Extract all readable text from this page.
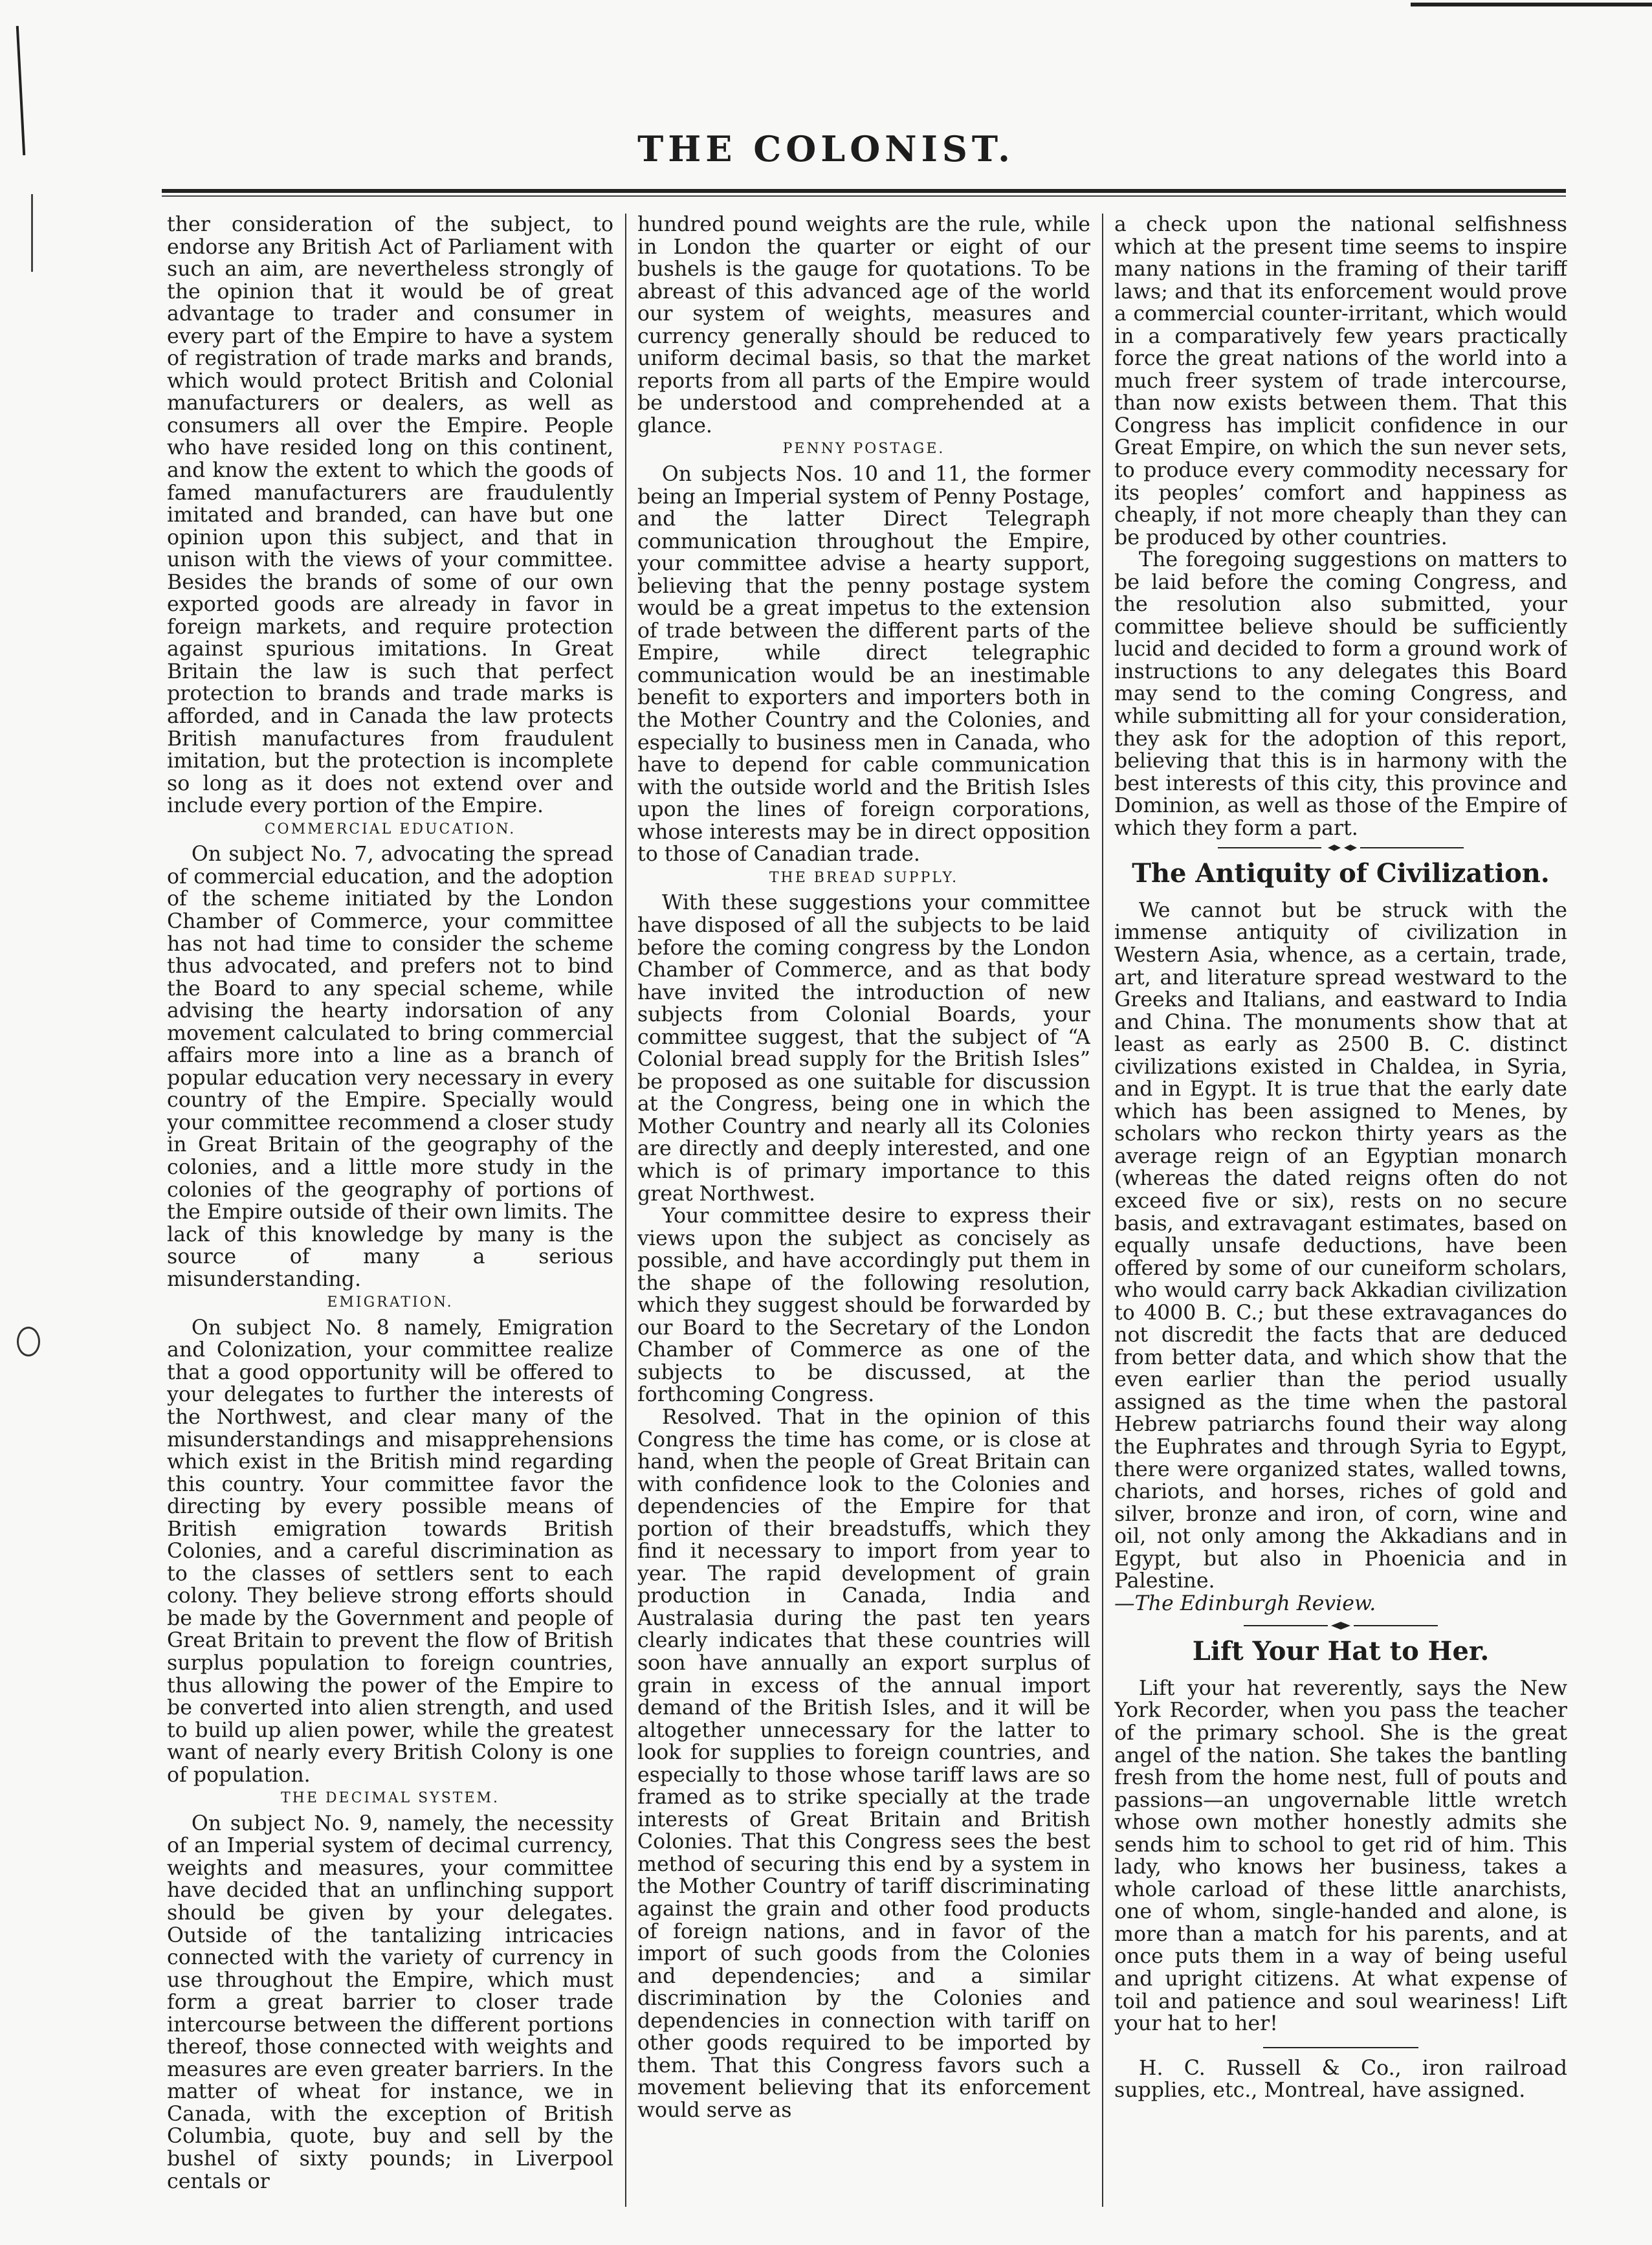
THE COLONIST.

ther consideration of the subject, to endorse any British Act of Parliament with such an aim, are nevertheless strongly of the opinion that it would be of great advantage to trader and consumer in every part of the Empire to have a system of registration of trade marks and brands, which would protect British and Colonial manufacturers or dealers, as well as consumers all over the Empire. People who have resided long on this continent, and know the extent to which the goods of famed manufacturers are fraudulently imitated and branded, can have but one opinion upon this subject, and that in unison with the views of your committee. Besides the brands of some of our own exported goods are already in favor in foreign markets, and require protection against spurious imitations. In Great Britain the law is such that perfect protection to brands and trade marks is afforded, and in Canada the law protects British manufactures from fraudulent imitation, but the protection is incomplete so long as it does not extend over and include every portion of the Empire.

COMMERCIAL EDUCATION.

On subject No. 7, advocating the spread of commercial education, and the adoption of the scheme initiated by the London Chamber of Commerce, your committee has not had time to consider the scheme thus advocated, and prefers not to bind the Board to any special scheme, while advising the hearty indorsation of any movement calculated to bring commercial affairs more into a line as a branch of popular education very necessary in every country of the Empire. Specially would your committee recommend a closer study in Great Britain of the geography of the colonies, and a little more study in the colonies of the geography of portions of the Empire outside of their own limits. The lack of this knowledge by many is the source of many a serious misunderstanding.

EMIGRATION.

On subject No. 8 namely, Emigration and Colonization, your committee realize that a good opportunity will be offered to your delegates to further the interests of the Northwest, and clear many of the misunderstandings and misapprehensions which exist in the British mind regarding this country. Your committee favor the directing by every possible means of British emigration towards British Colonies, and a careful discrimination as to the classes of settlers sent to each colony. They believe strong efforts should be made by the Government and people of Great Britain to prevent the flow of British surplus population to foreign countries, thus allowing the power of the Empire to be converted into alien strength, and used to build up alien power, while the greatest want of nearly every British Colony is one of population.

THE DECIMAL SYSTEM.

On subject No. 9, namely, the necessity of an Imperial system of decimal currency, weights and measures, your committee have decided that an unflinching support should be given by your delegates. Outside of the tantalizing intricacies connected with the variety of currency in use throughout the Empire, which must form a great barrier to closer trade intercourse between the different portions thereof, those connected with weights and measures are even greater barriers. In the matter of wheat for instance, we in Canada, with the exception of British Columbia, quote, buy and sell by the bushel of sixty pounds; in Liverpool centals or

hundred pound weights are the rule, while in London the quarter or eight of our bushels is the gauge for quotations. To be abreast of this advanced age of the world our system of weights, measures and currency generally should be reduced to uniform decimal basis, so that the market reports from all parts of the Empire would be understood and comprehended at a glance.

PENNY POSTAGE.

On subjects Nos. 10 and 11, the former being an Imperial system of Penny Postage, and the latter Direct Telegraph communication throughout the Empire, your committee advise a hearty support, believing that the penny postage system would be a great impetus to the extension of trade between the different parts of the Empire, while direct telegraphic communication would be an inestimable benefit to exporters and importers both in the Mother Country and the Colonies, and especially to business men in Canada, who have to depend for cable communication with the outside world and the British Isles upon the lines of foreign corporations, whose interests may be in direct opposition to those of Canadian trade.

THE BREAD SUPPLY.

With these suggestions your committee have disposed of all the subjects to be laid before the coming congress by the London Chamber of Commerce, and as that body have invited the introduction of new subjects from Colonial Boards, your committee suggest, that the subject of “A Colonial bread supply for the British Isles” be proposed as one suitable for discussion at the Congress, being one in which the Mother Country and nearly all its Colonies are directly and deeply interested, and one which is of primary importance to this great Northwest.

Your committee desire to express their views upon the subject as concisely as possible, and have accordingly put them in the shape of the following resolution, which they suggest should be forwarded by our Board to the Secretary of the London Chamber of Commerce as one of the subjects to be discussed, at the forthcoming Congress.

Resolved. That in the opinion of this Congress the time has come, or is close at hand, when the people of Great Britain can with confidence look to the Colonies and dependencies of the Empire for that portion of their breadstuffs, which they find it necessary to import from year to year. The rapid development of grain production in Canada, India and Australasia during the past ten years clearly indicates that these countries will soon have annually an export surplus of grain in excess of the annual import demand of the British Isles, and it will be altogether unnecessary for the latter to look for supplies to foreign countries, and especially to those whose tariff laws are so framed as to strike specially at the trade interests of Great Britain and British Colonies. That this Congress sees the best method of securing this end by a system in the Mother Country of tariff discriminating against the grain and other food products of foreign nations, and in favor of the import of such goods from the Colonies and dependencies; and a similar discrimination by the Colonies and dependencies in connection with tariff on other goods required to be imported by them. That this Congress favors such a movement believing that its enforcement would serve as

a check upon the national selfishness which at the present time seems to inspire many nations in the framing of their tariff laws; and that its enforcement would prove a commercial counter-irritant, which would in a comparatively few years practically force the great nations of the world into a much freer system of trade intercourse, than now exists between them. That this Congress has implicit confidence in our Great Empire, on which the sun never sets, to produce every commodity necessary for its peoples’ comfort and happiness as cheaply, if not more cheaply than they can be produced by other countries.

The foregoing suggestions on matters to be laid before the coming Congress, and the resolution also submitted, your committee believe should be sufficiently lucid and decided to form a ground work of instructions to any delegates this Board may send to the coming Congress, and while submitting all for your consideration, they ask for the adoption of this report, believing that this is in harmony with the best interests of this city, this province and Dominion, as well as those of the Empire of which they form a part.

The Antiquity of Civilization.

We cannot but be struck with the immense antiquity of civilization in Western Asia, whence, as a certain, trade, art, and literature spread westward to the Greeks and Italians, and eastward to India and China. The monuments show that at least as early as 2500 B. C. distinct civilizations existed in Chaldea, in Syria, and in Egypt. It is true that the early date which has been assigned to Menes, by scholars who reckon thirty years as the average reign of an Egyptian monarch (whereas the dated reigns often do not exceed five or six), rests on no secure basis, and extravagant estimates, based on equally unsafe deductions, have been offered by some of our cuneiform scholars, who would carry back Akkadian civilization to 4000 B. C.; but these extravagances do not discredit the facts that are deduced from better data, and which show that the even earlier than the period usually assigned as the time when the pastoral Hebrew patriarchs found their way along the Euphrates and through Syria to Egypt, there were organized states, walled towns, chariots, and horses, riches of gold and silver, bronze and iron, of corn, wine and oil, not only among the Akkadians and in Egypt, but also in Phoenicia and in Palestine.

—The Edinburgh Review.

Lift Your Hat to Her.

Lift your hat reverently, says the New York Recorder, when you pass the teacher of the primary school. She is the great angel of the nation. She takes the bantling fresh from the home nest, full of pouts and passions—an ungovernable little wretch whose own mother honestly admits she sends him to school to get rid of him. This lady, who knows her business, takes a whole carload of these little anarchists, one of whom, single-handed and alone, is more than a match for his parents, and at once puts them in a way of being useful and upright citizens. At what expense of toil and patience and soul weariness! Lift your hat to her!

H. C. Russell & Co., iron railroad supplies, etc., Montreal, have assigned.
